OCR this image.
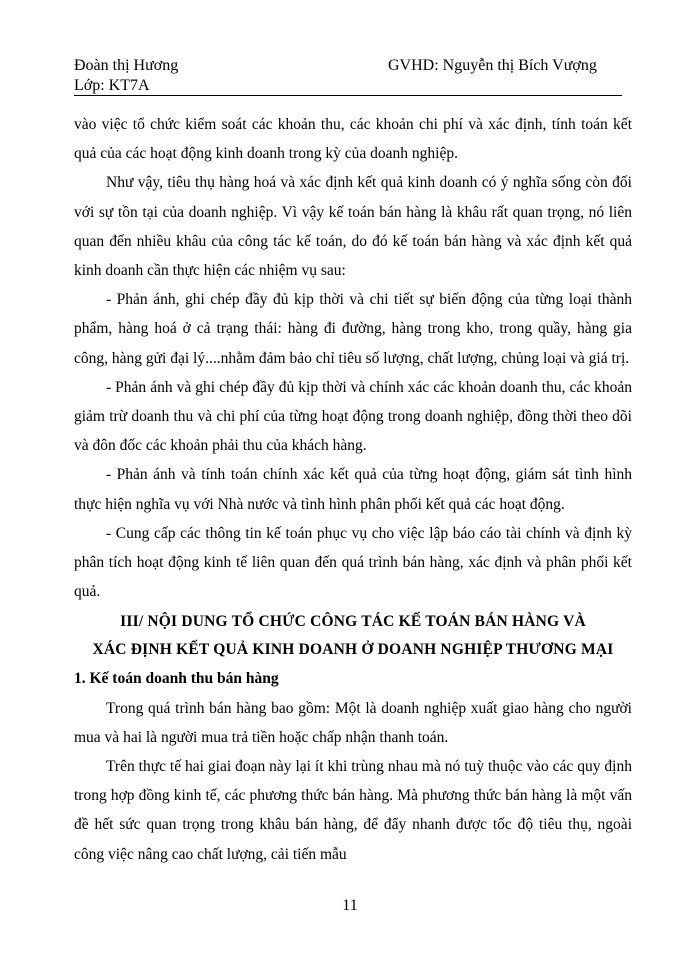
Đoàn thị Hương
Lớp: KT7A
GVHD: Nguyễn thị Bích Vượng

vào việc tổ chức kiểm soát các khoản thu, các khoản chi phí và xác định, tính toán kết quả của các hoạt động kinh doanh trong kỳ của doanh nghiệp.

Như vậy, tiêu thụ hàng hoá và xác định kết quả kinh doanh có ý nghĩa sống còn đối với sự tồn tại của doanh nghiệp. Vì vậy kế toán bán hàng là khâu rất quan trọng, nó liên quan đến nhiều khâu của công tác kế toán, do đó kế toán bán hàng và xác định kết quả kinh doanh cần thực hiện các nhiệm vụ sau:

- Phản ánh, ghi chép đầy đủ kịp thời và chi tiết sự biến động của từng loại thành phẩm, hàng hoá ở cả trạng thái: hàng đi đường, hàng trong kho, trong quầy, hàng gia công, hàng gửi đại lý....nhằm đảm bảo chỉ tiêu số lượng, chất lượng, chủng loại và giá trị.

- Phản ánh và ghi chép đầy đủ kịp thời và chính xác các khoản doanh thu, các khoản giảm trừ doanh thu và chi phí của từng hoạt động trong doanh nghiệp, đồng thời theo dõi và đôn đốc các khoản phải thu của khách hàng.

- Phản ánh và tính toán chính xác kết quả của từng hoạt động, giám sát tình hình thực hiện nghĩa vụ với Nhà nước và tình hình phân phối kết quả các hoạt động.

- Cung cấp các thông tin kế toán phục vụ cho việc lập báo cáo tài chính và định kỳ phân tích hoạt động kinh tế liên quan đến quá trình bán hàng, xác định và phân phối kết quả.

III/ NỘI DUNG TỔ CHỨC CÔNG TÁC KẾ TOÁN BÁN HÀNG VÀ
XÁC ĐỊNH KẾT QUẢ KINH DOANH Ở DOANH NGHIỆP THƯƠNG MẠI

1. Kế toán doanh thu bán hàng

Trong quá trình bán hàng bao gồm: Một là doanh nghiệp xuất giao hàng cho người mua và hai là người mua trả tiền hoặc chấp nhận thanh toán.

Trên thực tế hai giai đoạn này lại ít khi trùng nhau mà nó tuỳ thuộc vào các quy định trong hợp đồng kinh tế, các phương thức bán hàng. Mà phương thức bán hàng là một vấn đề hết sức quan trọng trong khâu bán hàng, để đẩy nhanh được tốc độ tiêu thụ, ngoài công việc nâng cao chất lượng, cải tiến mẫu

11
